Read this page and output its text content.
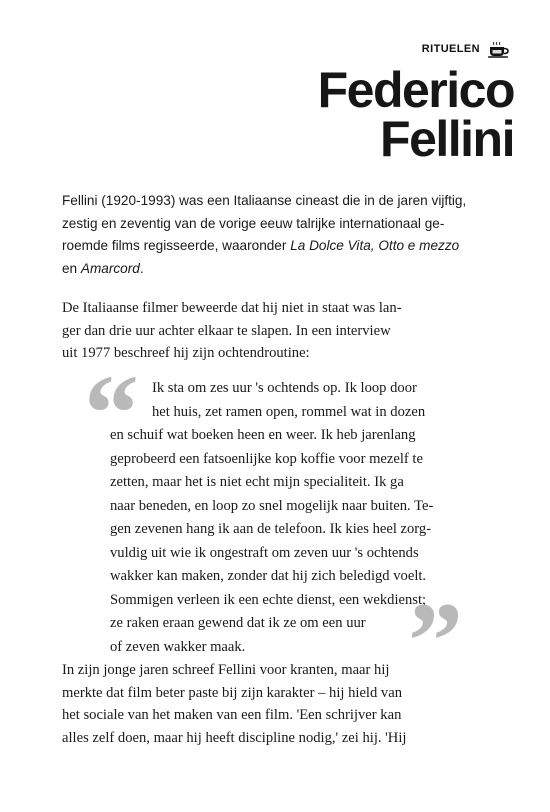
RITUELEN
Federico
Fellini
Fellini (1920-1993) was een Italiaanse cineast die in de jaren vijftig,
zestig en zeventig van de vorige eeuw talrijke internationaal ge-
roemde films regisseerde, waaronder La Dolce Vita, Otto e mezzo
en Amarcord.
De Italiaanse filmer beweerde dat hij niet in staat was lan-
ger dan drie uur achter elkaar te slapen. In een interview
uit 1977 beschreef hij zijn ochtendroutine:
“ Ik sta om zes uur 's ochtends op. Ik loop door
het huis, zet ramen open, rommel wat in dozen
en schuif wat boeken heen en weer. Ik heb jarenlang
geprobeerd een fatsoenlijke kop koffie voor mezelf te
zetten, maar het is niet echt mijn specialiteit. Ik ga
naar beneden, en loop zo snel mogelijk naar buiten. Te-
gen zevenen hang ik aan de telefoon. Ik kies heel zorg-
vuldig uit wie ik ongestraft om zeven uur 's ochtends
wakker kan maken, zonder dat hij zich beledigd voelt.
Sommigen verleen ik een echte dienst, een wekdienst;
ze raken eraan gewend dat ik ze om een uur
of zeven wakker maak.	”
In zijn jonge jaren schreef Fellini voor kranten, maar hij
merkte dat film beter paste bij zijn karakter – hij hield van
het sociale van het maken van een film. 'Een schrijver kan
alles zelf doen, maar hij heeft discipline nodig,' zei hij. 'Hij
